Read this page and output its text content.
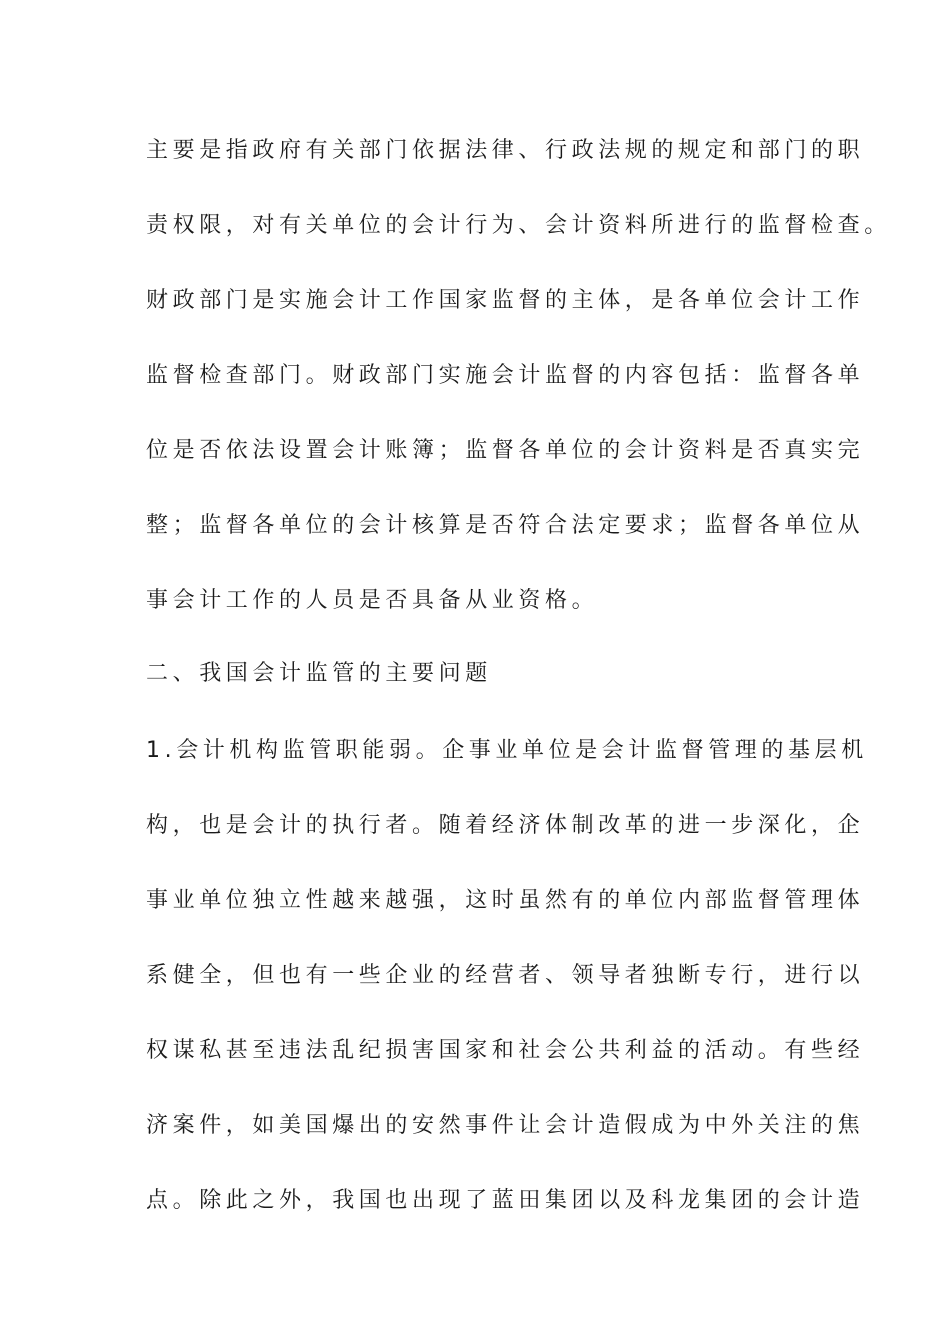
主要是指政府有关部门依据法律、行政法规的规定和部门的职
责权限，对有关单位的会计行为、会计资料所进行的监督检查。
财政部门是实施会计工作国家监督的主体，是各单位会计工作
监督检查部门。财政部门实施会计监督的内容包括：监督各单
位是否依法设置会计账簿；监督各单位的会计资料是否真实完
整；监督各单位的会计核算是否符合法定要求；监督各单位从
事会计工作的人员是否具备从业资格。
二、我国会计监管的主要问题
1.会计机构监管职能弱。企事业单位是会计监督管理的基层机
构，也是会计的执行者。随着经济体制改革的进一步深化，企
事业单位独立性越来越强，这时虽然有的单位内部监督管理体
系健全，但也有一些企业的经营者、领导者独断专行，进行以
权谋私甚至违法乱纪损害国家和社会公共利益的活动。有些经
济案件，如美国爆出的安然事件让会计造假成为中外关注的焦
点。除此之外，我国也出现了蓝田集团以及科龙集团的会计造
